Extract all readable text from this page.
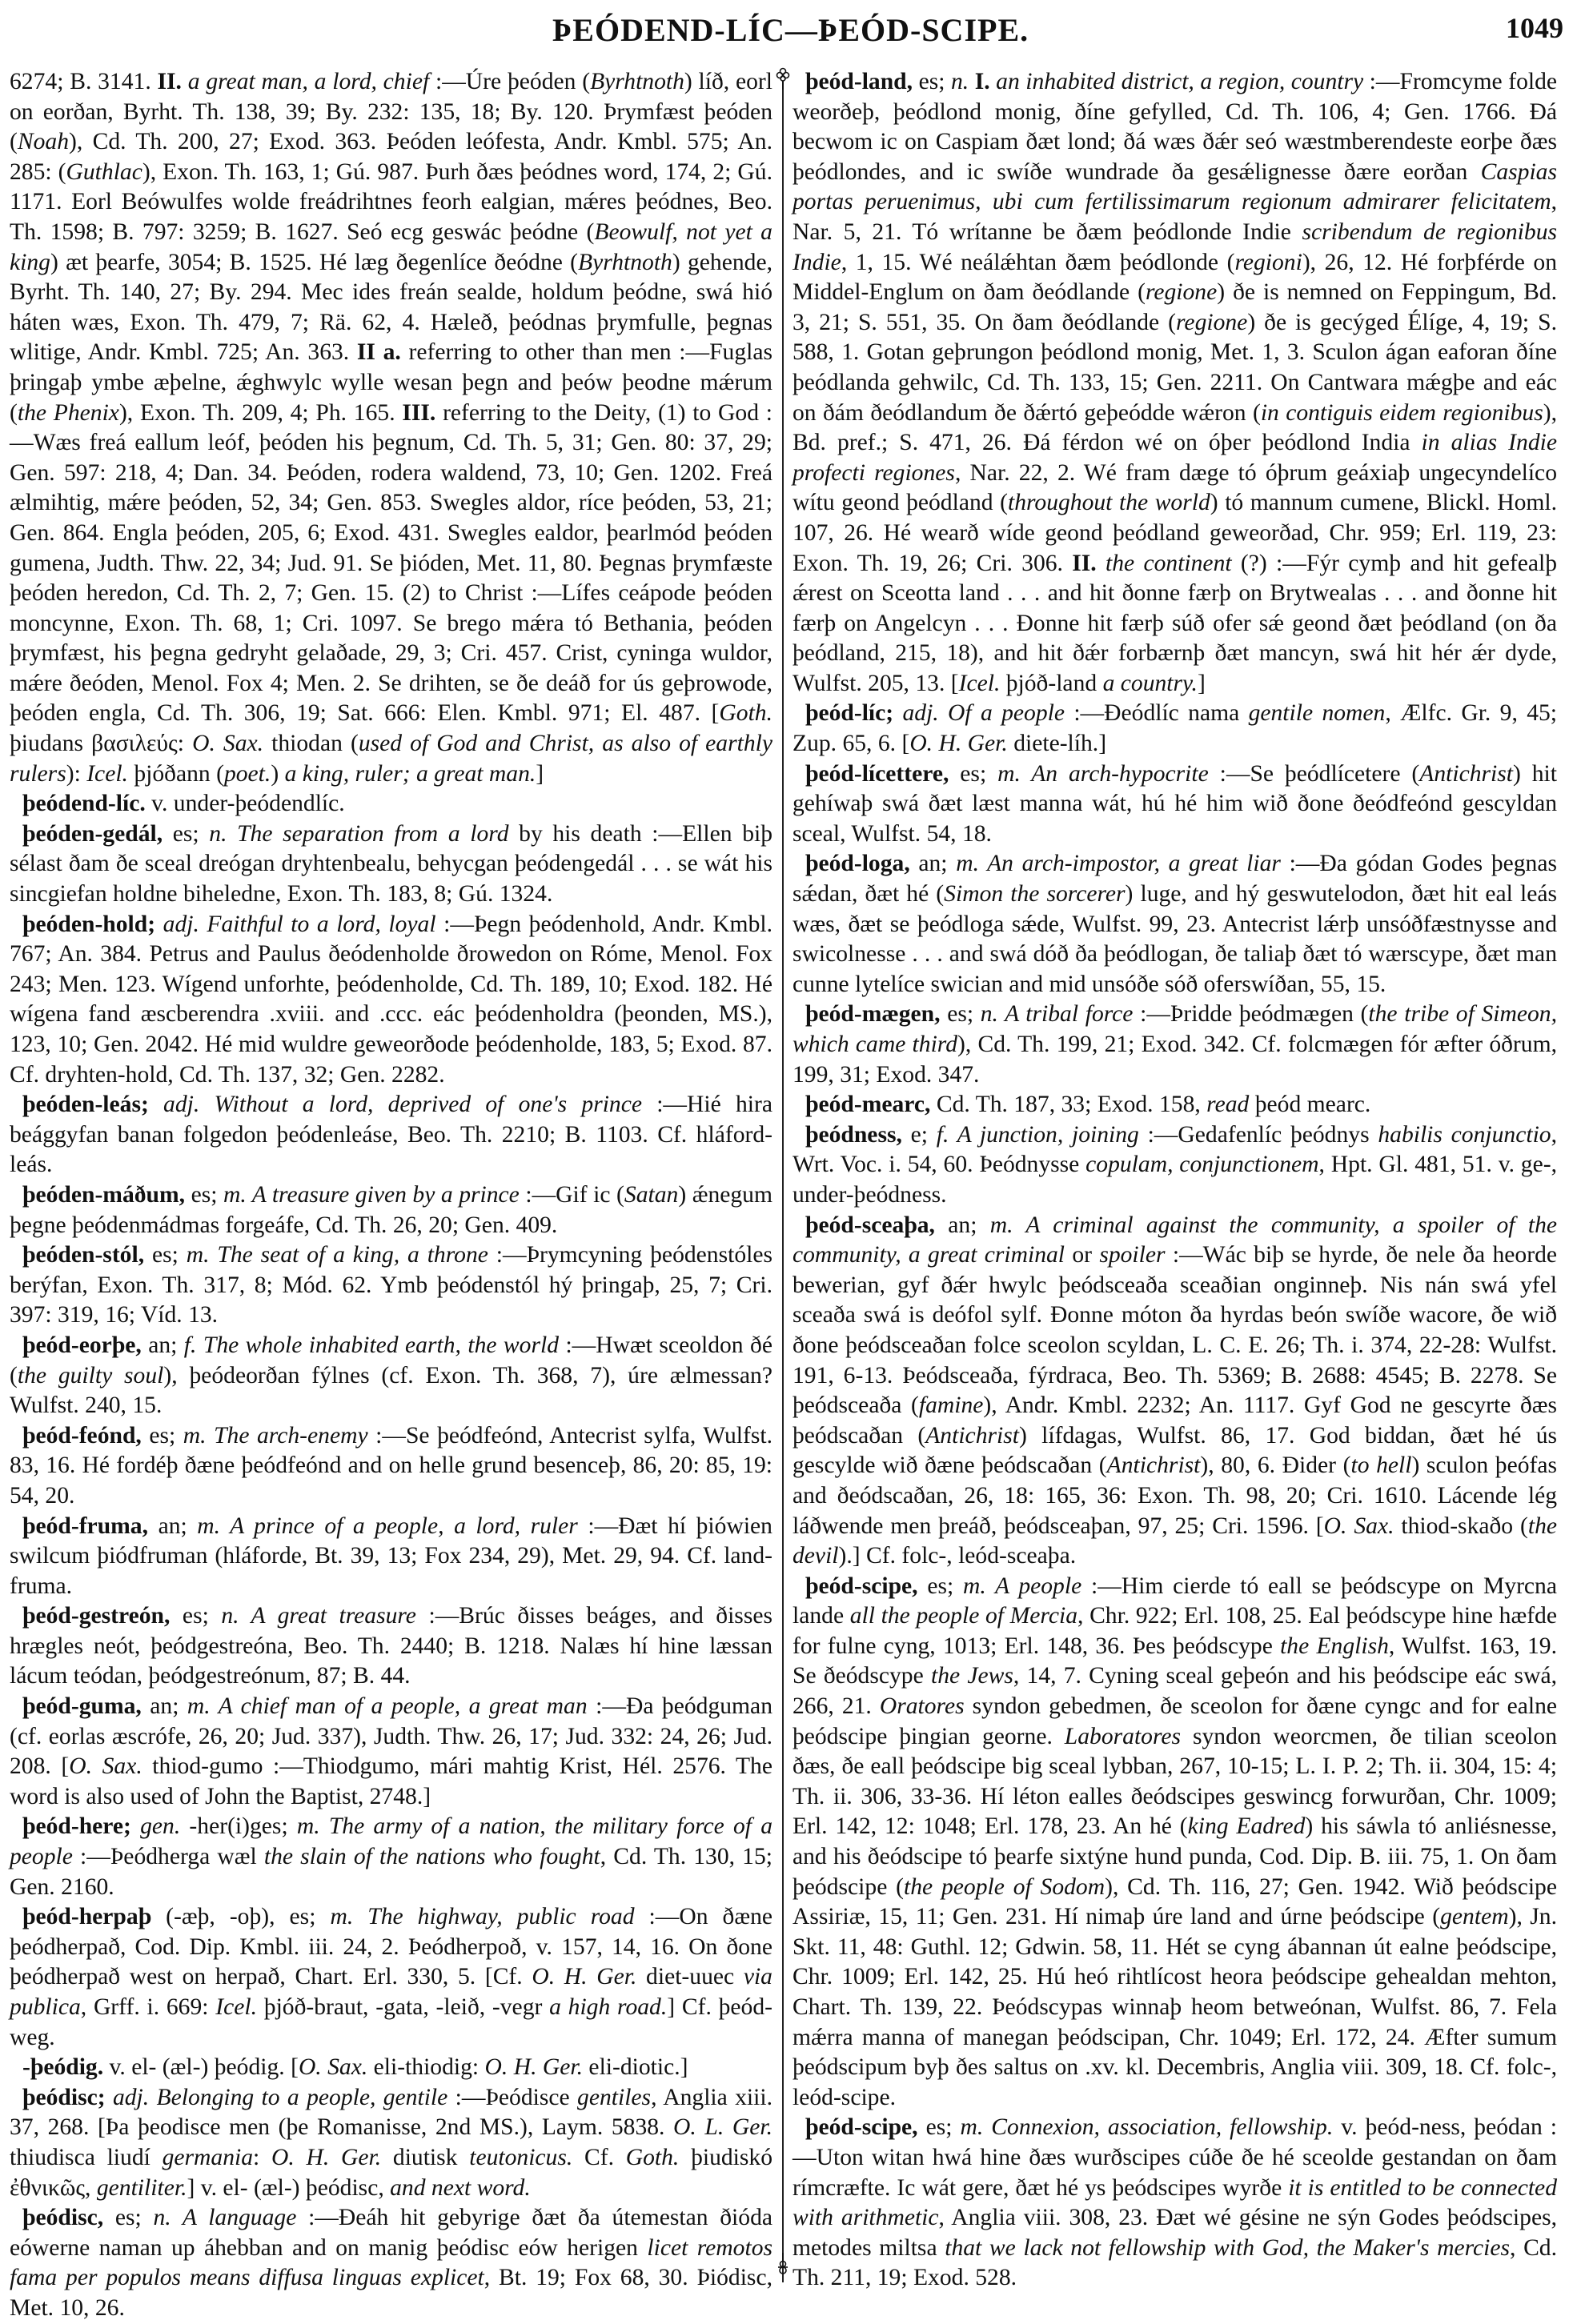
ÞEÓDEND-LÍC—ÞEÓD-SCIPE.	1049

6274; B. 3141. II. a great man, a lord, chief :—Úre þeóden (Byrhtnoth) líð, eorl on eorðan, Byrht. Th. 138, 39; By. 232: 135, 18; By. 120. Þrymfæst þeóden (Noah), Cd. Th. 200, 27; Exod. 363. Þeóden leófesta, Andr. Kmbl. 575; An. 285: (Guthlac), Exon. Th. 163, 1; Gú. 987. Þurh ðæs þeódnes word, 174, 2; Gú. 1171. Eorl Beówulfes wolde freádrihtnes feorh ealgian, mǽres þeódnes, Beo. Th. 1598; B. 797: 3259; B. 1627. Seó ecg geswác þeódne (Beowulf, not yet a king) æt þearfe, 3054; B. 1525. Hé læg ðegenlíce ðeódne (Byrhtnoth) gehende, Byrht. Th. 140, 27; By. 294. Mec ides freán sealde, holdum þeódne, swá hió háten wæs, Exon. Th. 479, 7; Rä. 62, 4. Hæleð, þeódnas þrymfulle, þegnas wlitige, Andr. Kmbl. 725; An. 363. II a. referring to other than men :—Fuglas þringaþ ymbe æþelne, ǽghwylc wylle wesan þegn and þeów þeodne mǽrum (the Phenix), Exon. Th. 209, 4; Ph. 165. III. referring to the Deity, (1) to God :—Wæs freá eallum leóf, þeóden his þegnum, Cd. Th. 5, 31; Gen. 80: 37, 29; Gen. 597: 218, 4; Dan. 34. Þeóden, rodera waldend, 73, 10; Gen. 1202. Freá ælmihtig, mǽre þeóden, 52, 34; Gen. 853. Swegles aldor, ríce þeóden, 53, 21; Gen. 864. Engla þeóden, 205, 6; Exod. 431. Swegles ealdor, þearlmód þeóden gumena, Judth. Thw. 22, 34; Jud. 91. Se þióden, Met. 11, 80. Þegnas þrymfæste þeóden heredon, Cd. Th. 2, 7; Gen. 15. (2) to Christ :—Lífes ceápode þeóden moncynne, Exon. Th. 68, 1; Cri. 1097. Se brego mǽra tó Bethania, þeóden þrymfæst, his þegna gedryht gelaðade, 29, 3; Cri. 457. Crist, cyninga wuldor, mǽre ðeóden, Menol. Fox 4; Men. 2. Se drihten, se ðe deáð for ús geþrowode, þeóden engla, Cd. Th. 306, 19; Sat. 666: Elen. Kmbl. 971; El. 487. [Goth. þiudans βασιλεύς: O. Sax. thiodan (used of God and Christ, as also of earthly rulers): Icel. þjóðann (poet.) a king, ruler; a great man.]

þeódend-líc. v. under-þeódendlíc.

þeóden-gedál, es; n. The separation from a lord by his death :—Ellen biþ sélast ðam ðe sceal dreógan dryhtenbealu, behycgan þeódengedál . . . se wát his sincgiefan holdne biheledne, Exon. Th. 183, 8; Gú. 1324.

þeóden-hold; adj. Faithful to a lord, loyal :—Þegn þeódenhold, Andr. Kmbl. 767; An. 384. Petrus and Paulus ðeódenholde ðrowedon on Róme, Menol. Fox 243; Men. 123. Wígend unforhte, þeódenholde, Cd. Th. 189, 10; Exod. 182. Hé wígena fand æscberendra .xviii. and .ccc. eác þeódenholdra (þeonden, MS.), 123, 10; Gen. 2042. Hé mid wuldre geweorðode þeódenholde, 183, 5; Exod. 87. Cf. dryhten-hold, Cd. Th. 137, 32; Gen. 2282.

þeóden-leás; adj. Without a lord, deprived of one's prince :—Hié hira beággyfan banan folgedon þeódenleáse, Beo. Th. 2210; B. 1103. Cf. hláford-leás.

þeóden-máðum, es; m. A treasure given by a prince :—Gif ic (Satan) ǽnegum þegne þeódenmádmas forgeáfe, Cd. Th. 26, 20; Gen. 409.

þeóden-stól, es; m. The seat of a king, a throne :—Þrymcyning þeódenstóles berýfan, Exon. Th. 317, 8; Mód. 62. Ymb þeódenstól hý þringaþ, 25, 7; Cri. 397: 319, 16; Víd. 13.

þeód-eorþe, an; f. The whole inhabited earth, the world :—Hwæt sceoldon ðé (the guilty soul), þeódeorðan fýlnes (cf. Exon. Th. 368, 7), úre ælmessan? Wulfst. 240, 15.

þeód-feónd, es; m. The arch-enemy :—Se þeódfeónd, Antecrist sylfa, Wulfst. 83, 16. Hé fordéþ ðæne þeódfeónd and on helle grund besenceþ, 86, 20: 85, 19: 54, 20.

þeód-fruma, an; m. A prince of a people, a lord, ruler :—Ðæt hí þiówien swilcum þiódfruman (hláforde, Bt. 39, 13; Fox 234, 29), Met. 29, 94. Cf. land-fruma.

þeód-gestreón, es; n. A great treasure :—Brúc ðisses beáges, and ðisses hrægles neót, þeódgestreóna, Beo. Th. 2440; B. 1218. Nalæs hí hine læssan lácum teódan, þeódgestreónum, 87; B. 44.

þeód-guma, an; m. A chief man of a people, a great man :—Ða þeódguman (cf. eorlas æscrófe, 26, 20; Jud. 337), Judth. Thw. 26, 17; Jud. 332: 24, 26; Jud. 208. [O. Sax. thiod-gumo :—Thiodgumo, mári mahtig Krist, Hél. 2576. The word is also used of John the Baptist, 2748.]

þeód-here; gen. -her(i)ges; m. The army of a nation, the military force of a people :—Þeódherga wæl the slain of the nations who fought, Cd. Th. 130, 15; Gen. 2160.

þeód-herpaþ (-æþ, -oþ), es; m. The highway, public road :—On ðæne þeódherpað, Cod. Dip. Kmbl. iii. 24, 2. Þeódherpoð, v. 157, 14, 16. On ðone þeódherpað west on herpað, Chart. Erl. 330, 5. [Cf. O. H. Ger. diet-uuec via publica, Grff. i. 669: Icel. þjóð-braut, -gata, -leið, -vegr a high road.] Cf. þeód-weg.

-þeódig. v. el- (æl-) þeódig. [O. Sax. eli-thiodig: O. H. Ger. eli-diotic.]

þeódisc; adj. Belonging to a people, gentile :—Þeódisce gentiles, Anglia xiii. 37, 268. [Þa þeodisce men (þe Romanisse, 2nd MS.), Laym. 5838. O. L. Ger. thiudisca liudí germania: O. H. Ger. diutisk teutonicus. Cf. Goth. þiudiskó ἐθνικῶς, gentiliter.] v. el- (æl-) þeódisc, and next word.

þeódisc, es; n. A language :—Ðeáh hit gebyrige ðæt ða útemestan ðióda eówerne naman up áhebban and on manig þeódisc eów herigen licet remotos fama per populos means diffusa linguas explicet, Bt. 19; Fox 68, 30. Þiódisc, Met. 10, 26.

þeód-land, es; n. I. an inhabited district, a region, country :—Fromcyme folde weorðeþ, þeódlond monig, ðíne gefylled, Cd. Th. 106, 4; Gen. 1766. Ðá becwom ic on Caspiam ðæt lond; ðá wæs ðǽr seó wæstmberendeste eorþe ðæs þeódlondes, and ic swíðe wundrade ða gesǽlignesse ðære eorðan Caspias portas peruenimus, ubi cum fertilissimarum regionum admirarer felicitatem, Nar. 5, 21. Tó wrítanne be ðæm þeódlonde Indie scribendum de regionibus Indie, 1, 15. Wé neálǽhtan ðæm þeódlonde (regioni), 26, 12. Hé forþférde on Middel-Englum on ðam ðeódlande (regione) ðe is nemned on Feppingum, Bd. 3, 21; S. 551, 35. On ðam ðeódlande (regione) ðe is gecýged Élíge, 4, 19; S. 588, 1. Gotan geþrungon þeódlond monig, Met. 1, 3. Sculon ágan eaforan ðíne þeódlanda gehwilc, Cd. Th. 133, 15; Gen. 2211. On Cantwara mǽgþe and eác on ðám ðeódlandum ðe ðǽrtó geþeódde wǽron (in contiguis eidem regionibus), Bd. pref.; S. 471, 26. Ðá férdon wé on óþer þeódlond India in alias Indie profecti regiones, Nar. 22, 2. Wé fram dæge tó óþrum geáxiaþ ungecyndelíco wítu geond þeódland (throughout the world) tó mannum cumene, Blickl. Homl. 107, 26. Hé wearð wíde geond þeódland geweorðad, Chr. 959; Erl. 119, 23: Exon. Th. 19, 26; Cri. 306. II. the continent (?) :—Fýr cymþ and hit gefealþ ǽrest on Sceotta land . . . and hit ðonne færþ on Brytwealas . . . and ðonne hit færþ on Angelcyn . . . Ðonne hit færþ súð ofer sǽ geond ðæt þeódland (on ða þeódland, 215, 18), and hit ðǽr forbærnþ ðæt mancyn, swá hit hér ǽr dyde, Wulfst. 205, 13. [Icel. þjóð-land a country.]

þeód-líc; adj. Of a people :—Ðeódlíc nama gentile nomen, Ælfc. Gr. 9, 45; Zup. 65, 6. [O. H. Ger. diete-líh.]

þeód-lícettere, es; m. An arch-hypocrite :—Se þeódlícetere (Antichrist) hit gehíwaþ swá ðæt læst manna wát, hú hé him wið ðone ðeódfeónd gescyldan sceal, Wulfst. 54, 18.

þeód-loga, an; m. An arch-impostor, a great liar :—Ða gódan Godes þegnas sǽdan, ðæt hé (Simon the sorcerer) luge, and hý geswutelodon, ðæt hit eal leás wæs, ðæt se þeódloga sǽde, Wulfst. 99, 23. Antecrist lǽrþ unsóðfæstnysse and swicolnesse . . . and swá dóð ða þeódlogan, ðe taliaþ ðæt tó wærscype, ðæt man cunne lytelíce swician and mid unsóðe sóð oferswíðan, 55, 15.

þeód-mægen, es; n. A tribal force :—Þridde þeódmægen (the tribe of Simeon, which came third), Cd. Th. 199, 21; Exod. 342. Cf. folcmægen fór æfter óðrum, 199, 31; Exod. 347.

þeód-mearc, Cd. Th. 187, 33; Exod. 158, read þeód mearc.

þeódness, e; f. A junction, joining :—Gedafenlíc þeódnys habilis conjunctio, Wrt. Voc. i. 54, 60. Þeódnysse copulam, conjunctionem, Hpt. Gl. 481, 51. v. ge-, under-þeódness.

þeód-sceaþa, an; m. A criminal against the community, a spoiler of the community, a great criminal or spoiler :—Wác biþ se hyrde, ðe nele ða heorde bewerian, gyf ðǽr hwylc þeódsceaða sceaðian onginneþ. Nis nán swá yfel sceaða swá is deófol sylf. Ðonne móton ða hyrdas beón swíðe wacore, ðe wið ðone þeódsceaðan folce sceolon scyldan, L. C. E. 26; Th. i. 374, 22-28: Wulfst. 191, 6-13. Þeódsceaða, fýrdraca, Beo. Th. 5369; B. 2688: 4545; B. 2278. Se þeódsceaða (famine), Andr. Kmbl. 2232; An. 1117. Gyf God ne gescyrte ðæs þeódscaðan (Antichrist) lífdagas, Wulfst. 86, 17. God biddan, ðæt hé ús gescylde wið ðæne þeódscaðan (Antichrist), 80, 6. Ðider (to hell) sculon þeófas and ðeódscaðan, 26, 18: 165, 36: Exon. Th. 98, 20; Cri. 1610. Lácende lég láðwende men þreáð, þeódsceaþan, 97, 25; Cri. 1596. [O. Sax. thiod-skaðo (the devil).] Cf. folc-, leód-sceaþa.

þeód-scipe, es; m. A people :—Him cierde tó eall se þeódscype on Myrcna lande all the people of Mercia, Chr. 922; Erl. 108, 25. Eal þeódscype hine hæfde for fulne cyng, 1013; Erl. 148, 36. Þes þeódscype the English, Wulfst. 163, 19. Se ðeódscype the Jews, 14, 7. Cyning sceal geþeón and his þeódscipe eác swá, 266, 21. Oratores syndon gebedmen, ðe sceolon for ðæne cyngc and for ealne þeódscipe þingian georne. Laboratores syndon weorcmen, ðe tilian sceolon ðæs, ðe eall þeódscipe big sceal lybban, 267, 10-15; L. I. P. 2; Th. ii. 304, 15: 4; Th. ii. 306, 33-36. Hí léton ealles ðeódscipes geswincg forwurðan, Chr. 1009; Erl. 142, 12: 1048; Erl. 178, 23. An hé (king Eadred) his sáwla tó anliésnesse, and his ðeódscipe tó þearfe sixtýne hund punda, Cod. Dip. B. iii. 75, 1. On ðam þeódscipe (the people of Sodom), Cd. Th. 116, 27; Gen. 1942. Wið þeódscipe Assiriæ, 15, 11; Gen. 231. Hí nimaþ úre land and úrne þeódscipe (gentem), Jn. Skt. 11, 48: Guthl. 12; Gdwin. 58, 11. Hét se cyng ábannan út ealne þeódscipe, Chr. 1009; Erl. 142, 25. Hú heó rihtlícost heora þeódscipe gehealdan mehton, Chart. Th. 139, 22. Þeódscypas winnaþ heom betweónan, Wulfst. 86, 7. Fela mǽrra manna of manegan þeódscipan, Chr. 1049; Erl. 172, 24. Æfter sumum þeódscipum byþ ðes saltus on .xv. kl. Decembris, Anglia viii. 309, 18. Cf. folc-, leód-scipe.

þeód-scipe, es; m. Connexion, association, fellowship. v. þeód-ness, þeódan :—Uton witan hwá hine ðæs wurðscipes cúðe ðe hé sceolde gestandan on ðam rímcræfte. Ic wát gere, ðæt hé ys þeódscipes wyrðe it is entitled to be connected with arithmetic, Anglia viii. 308, 23. Ðæt wé gésine ne sýn Godes þeódscipes, metodes miltsa that we lack not fellowship with God, the Maker's mercies, Cd. Th. 211, 19; Exod. 528.
